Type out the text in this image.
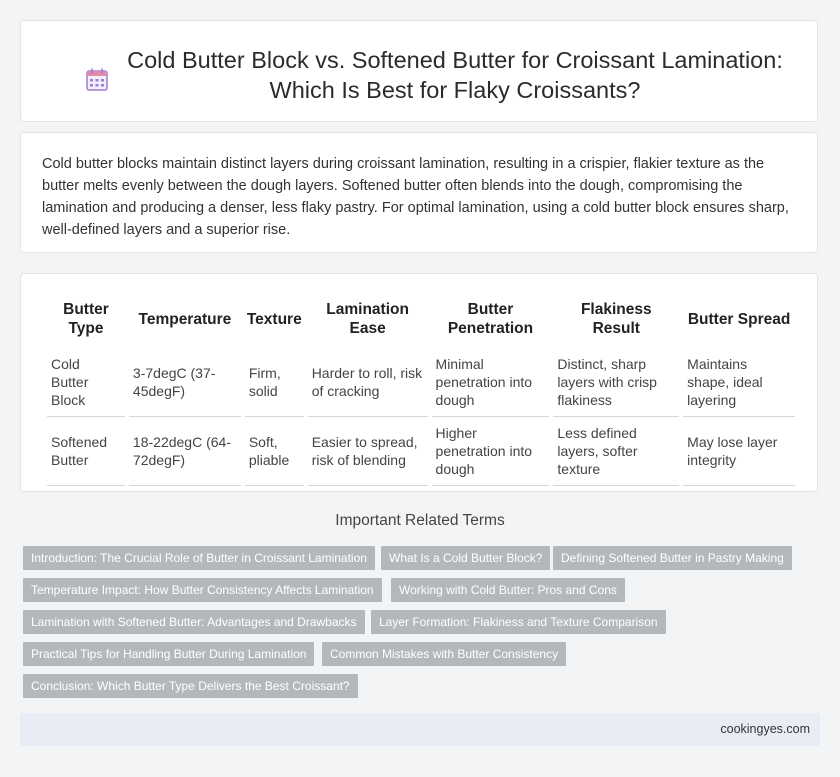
Cold Butter Block vs. Softened Butter for Croissant Lamination: Which Is Best for Flaky Croissants?

Cold butter blocks maintain distinct layers during croissant lamination, resulting in a crispier, flakier texture as the butter melts evenly between the dough layers. Softened butter often blends into the dough, compromising the lamination and producing a denser, less flaky pastry. For optimal lamination, using a cold butter block ensures sharp, well-defined layers and a superior rise.

Butter Type	Temperature	Texture	Lamination Ease	Butter Penetration	Flakiness Result	Butter Spread
Cold Butter Block	3-7degC (37-45degF)	Firm, solid	Harder to roll, risk of cracking	Minimal penetration into dough	Distinct, sharp layers with crisp flakiness	Maintains shape, ideal layering
Softened Butter	18-22degC (64-72degF)	Soft, pliable	Easier to spread, risk of blending	Higher penetration into dough	Less defined layers, softer texture	May lose layer integrity
Important Related Terms
Introduction: The Crucial Role of Butter in Croissant Lamination	What Is a Cold Butter Block?	Defining Softened Butter in Pastry Making
Temperature Impact: How Butter Consistency Affects Lamination	Working with Cold Butter: Pros and Cons
Lamination with Softened Butter: Advantages and Drawbacks	Layer Formation: Flakiness and Texture Comparison
Practical Tips for Handling Butter During Lamination	Common Mistakes with Butter Consistency
Conclusion: Which Butter Type Delivers the Best Croissant?
cookingyes.com
